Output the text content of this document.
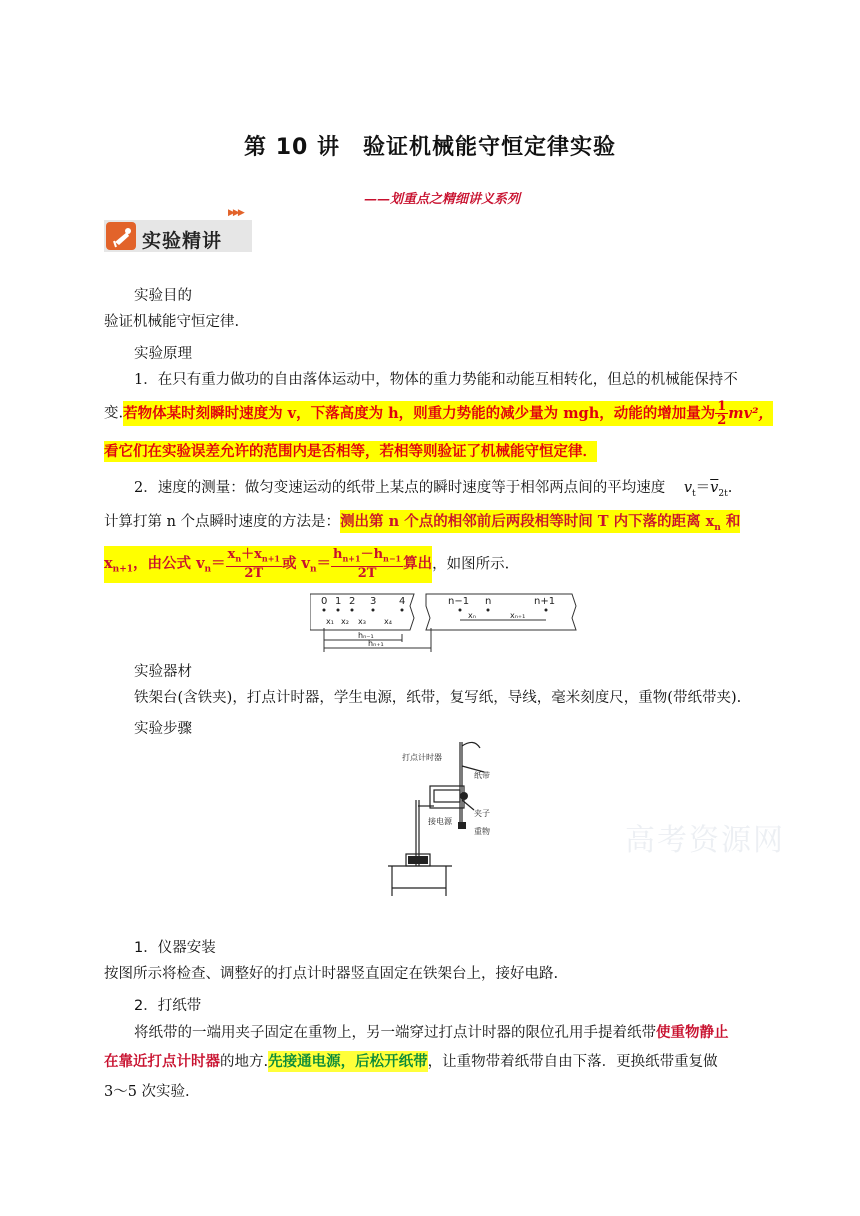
第 10 讲　验证机械能守恒定律实验
——划重点之精细讲义系列
实验精讲
▶▶▶
实验目的
验证机械能守恒定律.
实验原理
1．在只有重力做功的自由落体运动中，物体的重力势能和动能互相转化，但总的机械能保持不
变.若物体某时刻瞬时速度为 v，下落高度为 h，则重力势能的减少量为 mgh，动能的增加量为 $\frac{1}{2} mv^2$，
看它们在实验误差允许的范围内是否相等，若相等则验证了机械能守恒定律．
2．速度的测量：做匀变速运动的纸带上某点的瞬时速度等于相邻两点间的平均速度 $v_t=\overline{v}_{2t}$.
计算打第 n 个点瞬时速度的方法是：测出第 n 个点的相邻前后两段相等时间 T 内下落的距离 $x_n$ 和
$x_{n+1}$，由公式 $v_n= \frac{x_n+x_{n+1}}{2T}$ 或 $v_n= \frac{h_{n+1}-h_{n-1}}{2T}$ 算出，如图所示.
0 1 2 3 4
x₁ x₂ x₃ x₄
n−1 n	n+1
xₙ	xₙ₊₁
hₙ₋₁
hₙ₊₁
实验器材
铁架台(含铁夹)，打点计时器，学生电源，纸带，复写纸，导线，毫米刻度尺，重物(带纸带夹).
实验步骤
打点计时器
纸带
夹子
接电源
重物	高考资源网
1．仪器安装
按图所示将检查、调整好的打点计时器竖直固定在铁架台上，接好电路.
2．打纸带
将纸带的一端用夹子固定在重物上，另一端穿过打点计时器的限位孔用手提着纸带使重物静止
在靠近打点计时器的地方.先接通电源，后松开纸带，让重物带着纸带自由下落．更换纸带重复做
3～5 次实验.
